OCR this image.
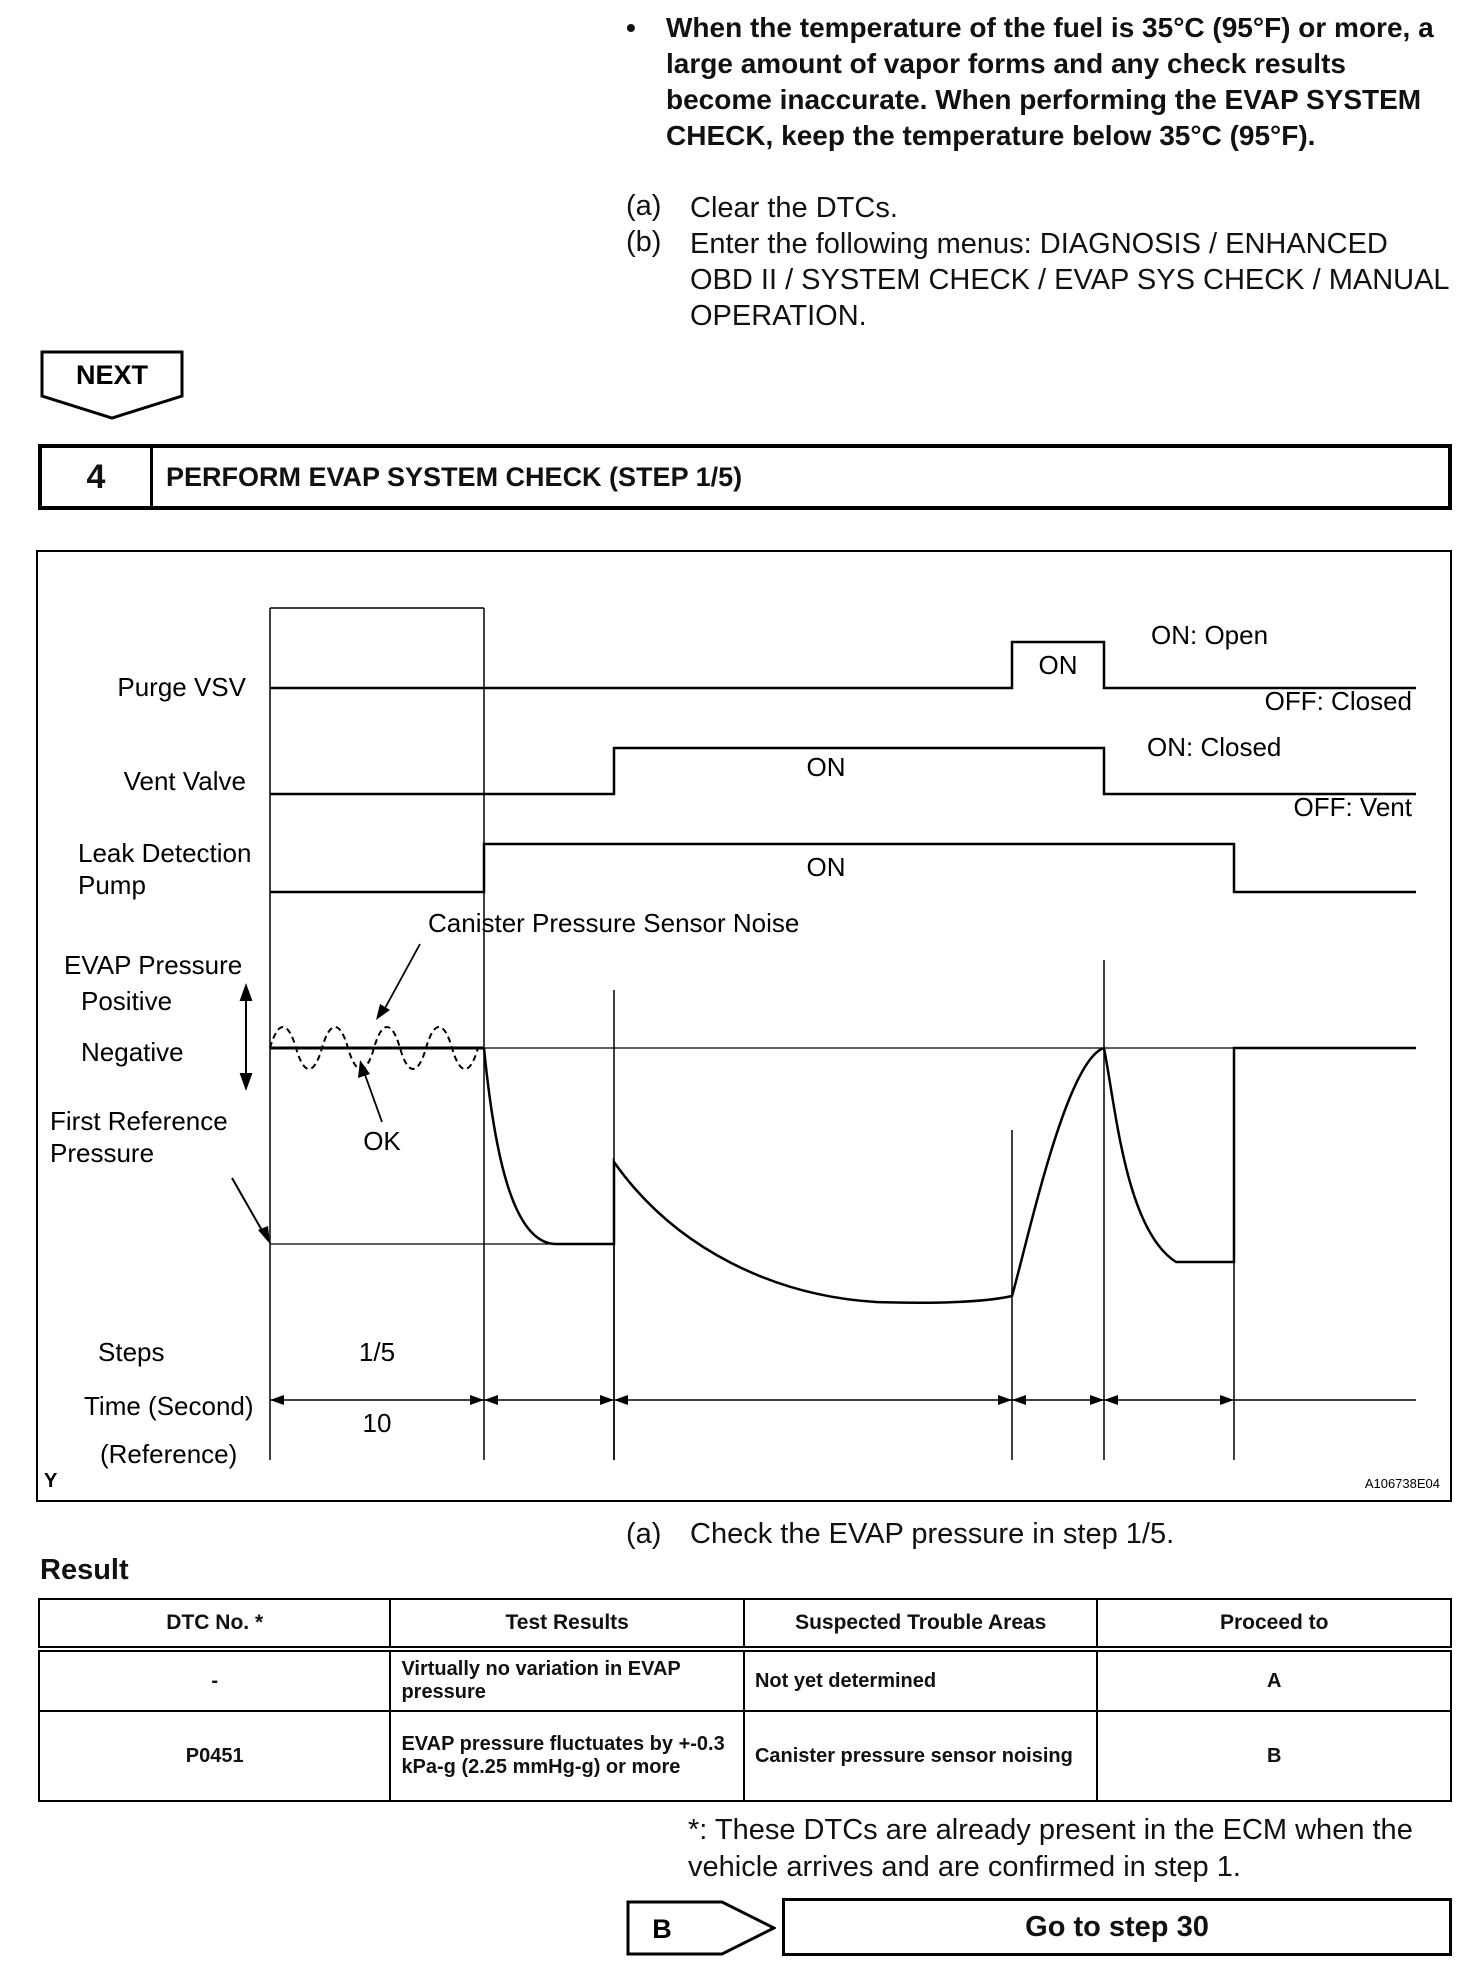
• When the temperature of the fuel is 35°C (95°F) or more, a large amount of vapor forms and any check results become inaccurate. When performing the EVAP SYSTEM CHECK, keep the temperature below 35°C (95°F).
(a) Clear the DTCs.
(b) Enter the following menus: DIAGNOSIS / ENHANCED OBD II / SYSTEM CHECK / EVAP SYS CHECK / MANUAL OPERATION.
NEXT
4	PERFORM EVAP SYSTEM CHECK (STEP 1/5)
Purge VSV
ON
ON: Open
OFF: Closed
Vent Valve	ON
ON: Closed
OFF: Vent
Leak Detection
Pump
ON
EVAP Pressure
Positive
Negative
Canister Pressure Sensor Noise
OK
First Reference
Pressure
Steps	1/5
Time (Second)
10
(Reference)
Y	A106738E04
(a) Check the EVAP pressure in step 1/5.
Result
DTC No. *	Test Results	Suspected Trouble Areas	Proceed to
-	Virtually no variation in EVAP pressure	Not yet determined	A
P0451	EVAP pressure fluctuates by +-0.3 kPa-g (2.25 mmHg-g) or more	Canister pressure sensor noising	B
*: These DTCs are already present in the ECM when the vehicle arrives and are confirmed in step 1.
B	Go to step 30
